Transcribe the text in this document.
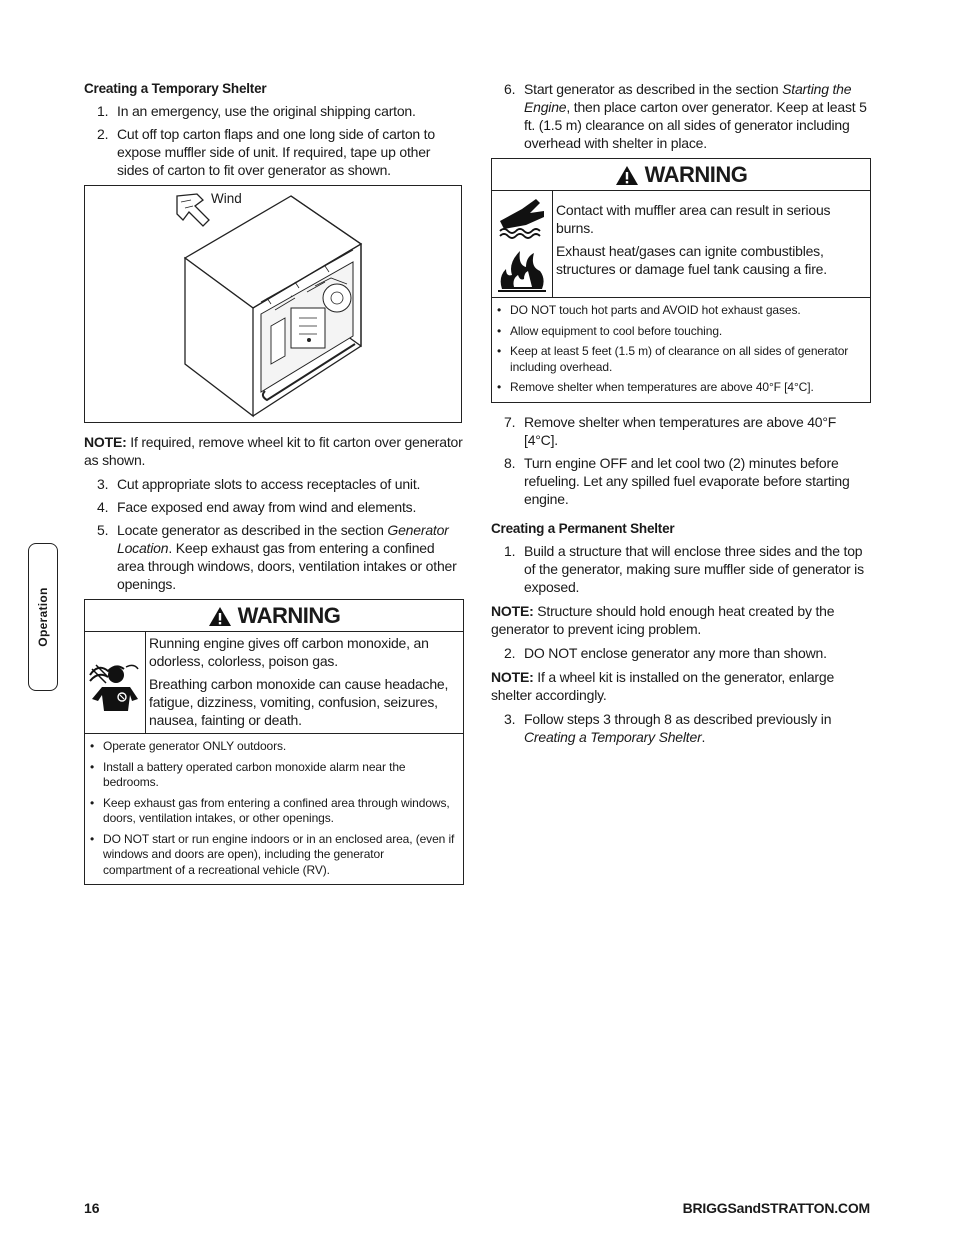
Operation
Creating a Temporary Shelter
1. In an emergency, use the original shipping carton.
2. Cut off top carton flaps and one long side of carton to expose muffler side of unit. If required, tape up other sides of carton to fit over generator as shown.
Wind

NOTE: If required, remove wheel kit to fit carton over generator as shown.

3. Cut appropriate slots to access receptacles of unit.
4. Face exposed end away from wind and elements.
5. Locate generator as described in the section Generator Location. Keep exhaust gas from entering a confined area through windows, doors, ventilation intakes or other openings.
WARNING

Running engine gives off carbon monoxide, an odorless, colorless, poison gas.

Breathing carbon monoxide can cause headache, fatigue, dizziness, vomiting, confusion, seizures, nausea, fainting or death.

• Operate generator ONLY outdoors.
• Install a battery operated carbon monoxide alarm near the bedrooms.
• Keep exhaust gas from entering a confined area through windows, doors, ventilation intakes, or other openings.
• DO NOT start or run engine indoors or in an enclosed area, (even if windows and doors are open), including the generator compartment of a recreational vehicle (RV).
6. Start generator as described in the section Starting the Engine, then place carton over generator. Keep at least 5 ft. (1.5 m) clearance on all sides of generator including overhead with shelter in place.
WARNING

Contact with muffler area can result in serious burns.

Exhaust heat/gases can ignite combustibles, structures or damage fuel tank causing a fire.

• DO NOT touch hot parts and AVOID hot exhaust gases.
• Allow equipment to cool before touching.
• Keep at least 5 feet (1.5 m) of clearance on all sides of generator including overhead.
• Remove shelter when temperatures are above 40°F [4°C].
7. Remove shelter when temperatures are above 40°F [4°C].
8. Turn engine OFF and let cool two (2) minutes before refueling. Let any spilled fuel evaporate before starting engine.
Creating a Permanent Shelter
1. Build a structure that will enclose three sides and the top of the generator, making sure muffler side of generator is exposed.

NOTE: Structure should hold enough heat created by the generator to prevent icing problem.

2. DO NOT enclose generator any more than shown.

NOTE: If a wheel kit is installed on the generator, enlarge shelter accordingly.

3. Follow steps 3 through 8 as described previously in Creating a Temporary Shelter.
16	BRIGGSandSTRATTON.COM
